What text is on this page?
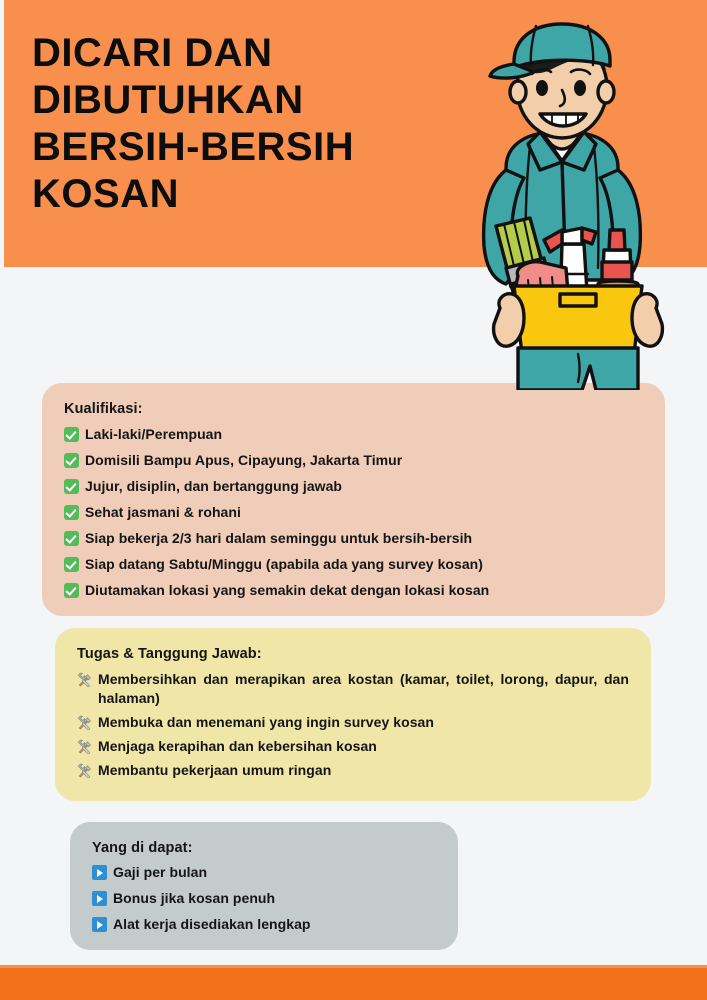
DICARI DAN
DIBUTUHKAN
BERSIH-BERSIH
KOSAN
Kualifikasi:
Laki-laki/Perempuan
Domisili Bampu Apus, Cipayung, Jakarta Timur
Jujur, disiplin, dan bertanggung jawab
Sehat jasmani & rohani
Siap bekerja 2/3 hari dalam seminggu untuk bersih-bersih
Siap datang Sabtu/Minggu (apabila ada yang survey kosan)
Diutamakan lokasi yang semakin dekat dengan lokasi kosan
Tugas & Tanggung Jawab:
Membersihkan dan merapikan area kostan (kamar, toilet, lorong, dapur, dan halaman)
Membuka dan menemani yang ingin survey kosan
Menjaga kerapihan dan kebersihan kosan
Membantu pekerjaan umum ringan
Yang di dapat:
Gaji per bulan
Bonus jika kosan penuh
Alat kerja disediakan lengkap
